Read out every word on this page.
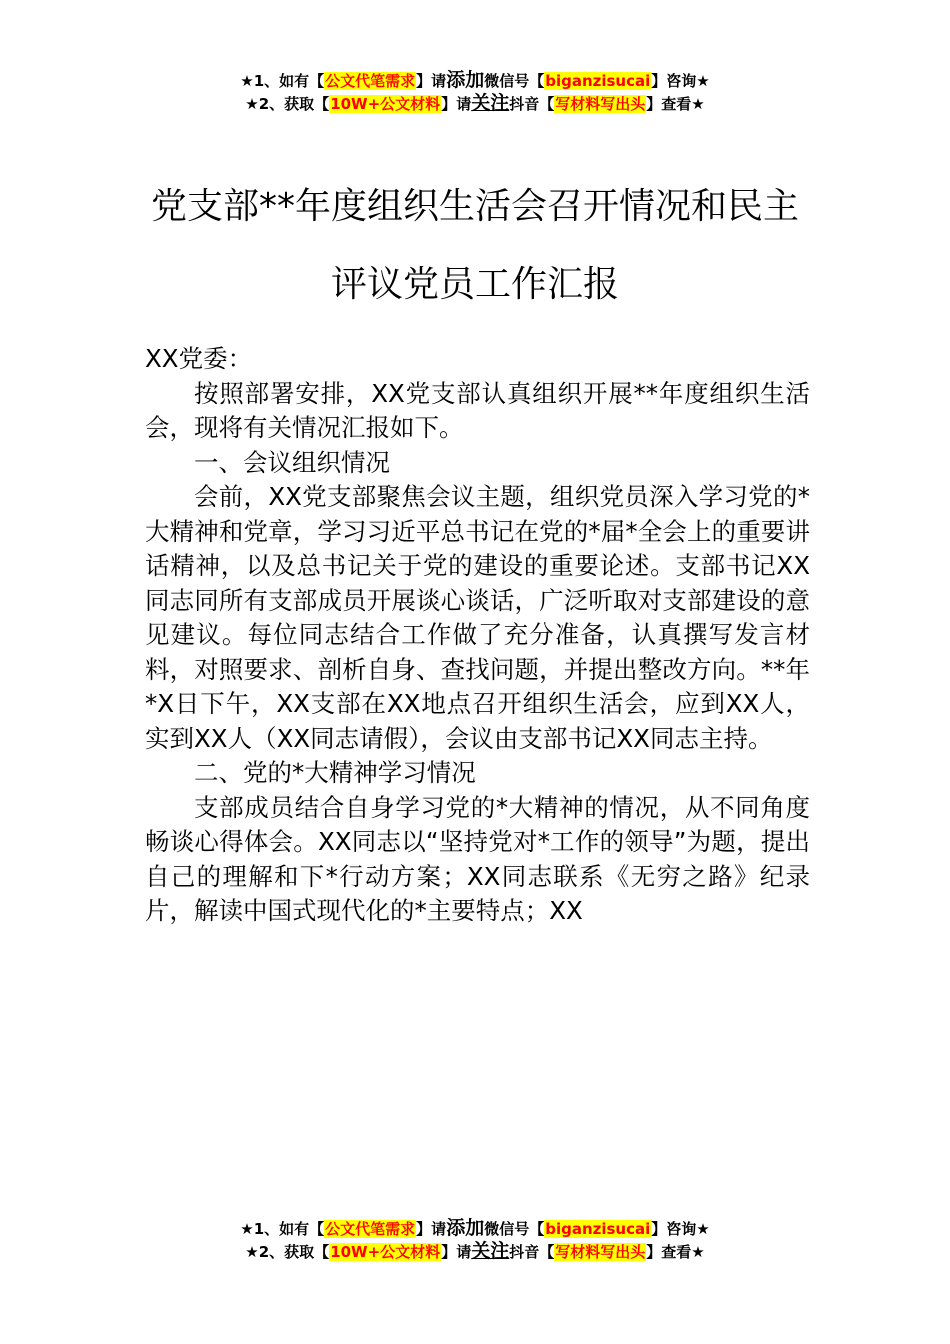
★1、如有【公文代笔需求】请添加微信号【biganzisucai】咨询★
★2、获取【10W+公文材料】请关注抖音【写材料写出头】查看★
党支部**年度组织生活会召开情况和民主
评议党员工作汇报

XX党委：

按照部署安排，XX党支部认真组织开展**年度组织生活会，现将有关情况汇报如下。

一、会议组织情况

会前，XX党支部聚焦会议主题，组织党员深入学习党的*大精神和党章，学习习近平总书记在党的*届*全会上的重要讲话精神，以及总书记关于党的建设的重要论述。支部书记XX同志同所有支部成员开展谈心谈话，广泛听取对支部建设的意见建议。每位同志结合工作做了充分准备，认真撰写发言材料，对照要求、剖析自身、查找问题，并提出整改方向。**年*X日下午，XX支部在XX地点召开组织生活会，应到XX人，实到XX人（XX同志请假），会议由支部书记XX同志主持。

二、党的*大精神学习情况

支部成员结合自身学习党的*大精神的情况，从不同角度畅谈心得体会。XX同志以“坚持党对*工作的领导”为题，提出自己的理解和下*行动方案；XX同志联系《无穷之路》纪录片，解读中国式现代化的*主要特点；XX

★1、如有【公文代笔需求】请添加微信号【biganzisucai】咨询★
★2、获取【10W+公文材料】请关注抖音【写材料写出头】查看★
